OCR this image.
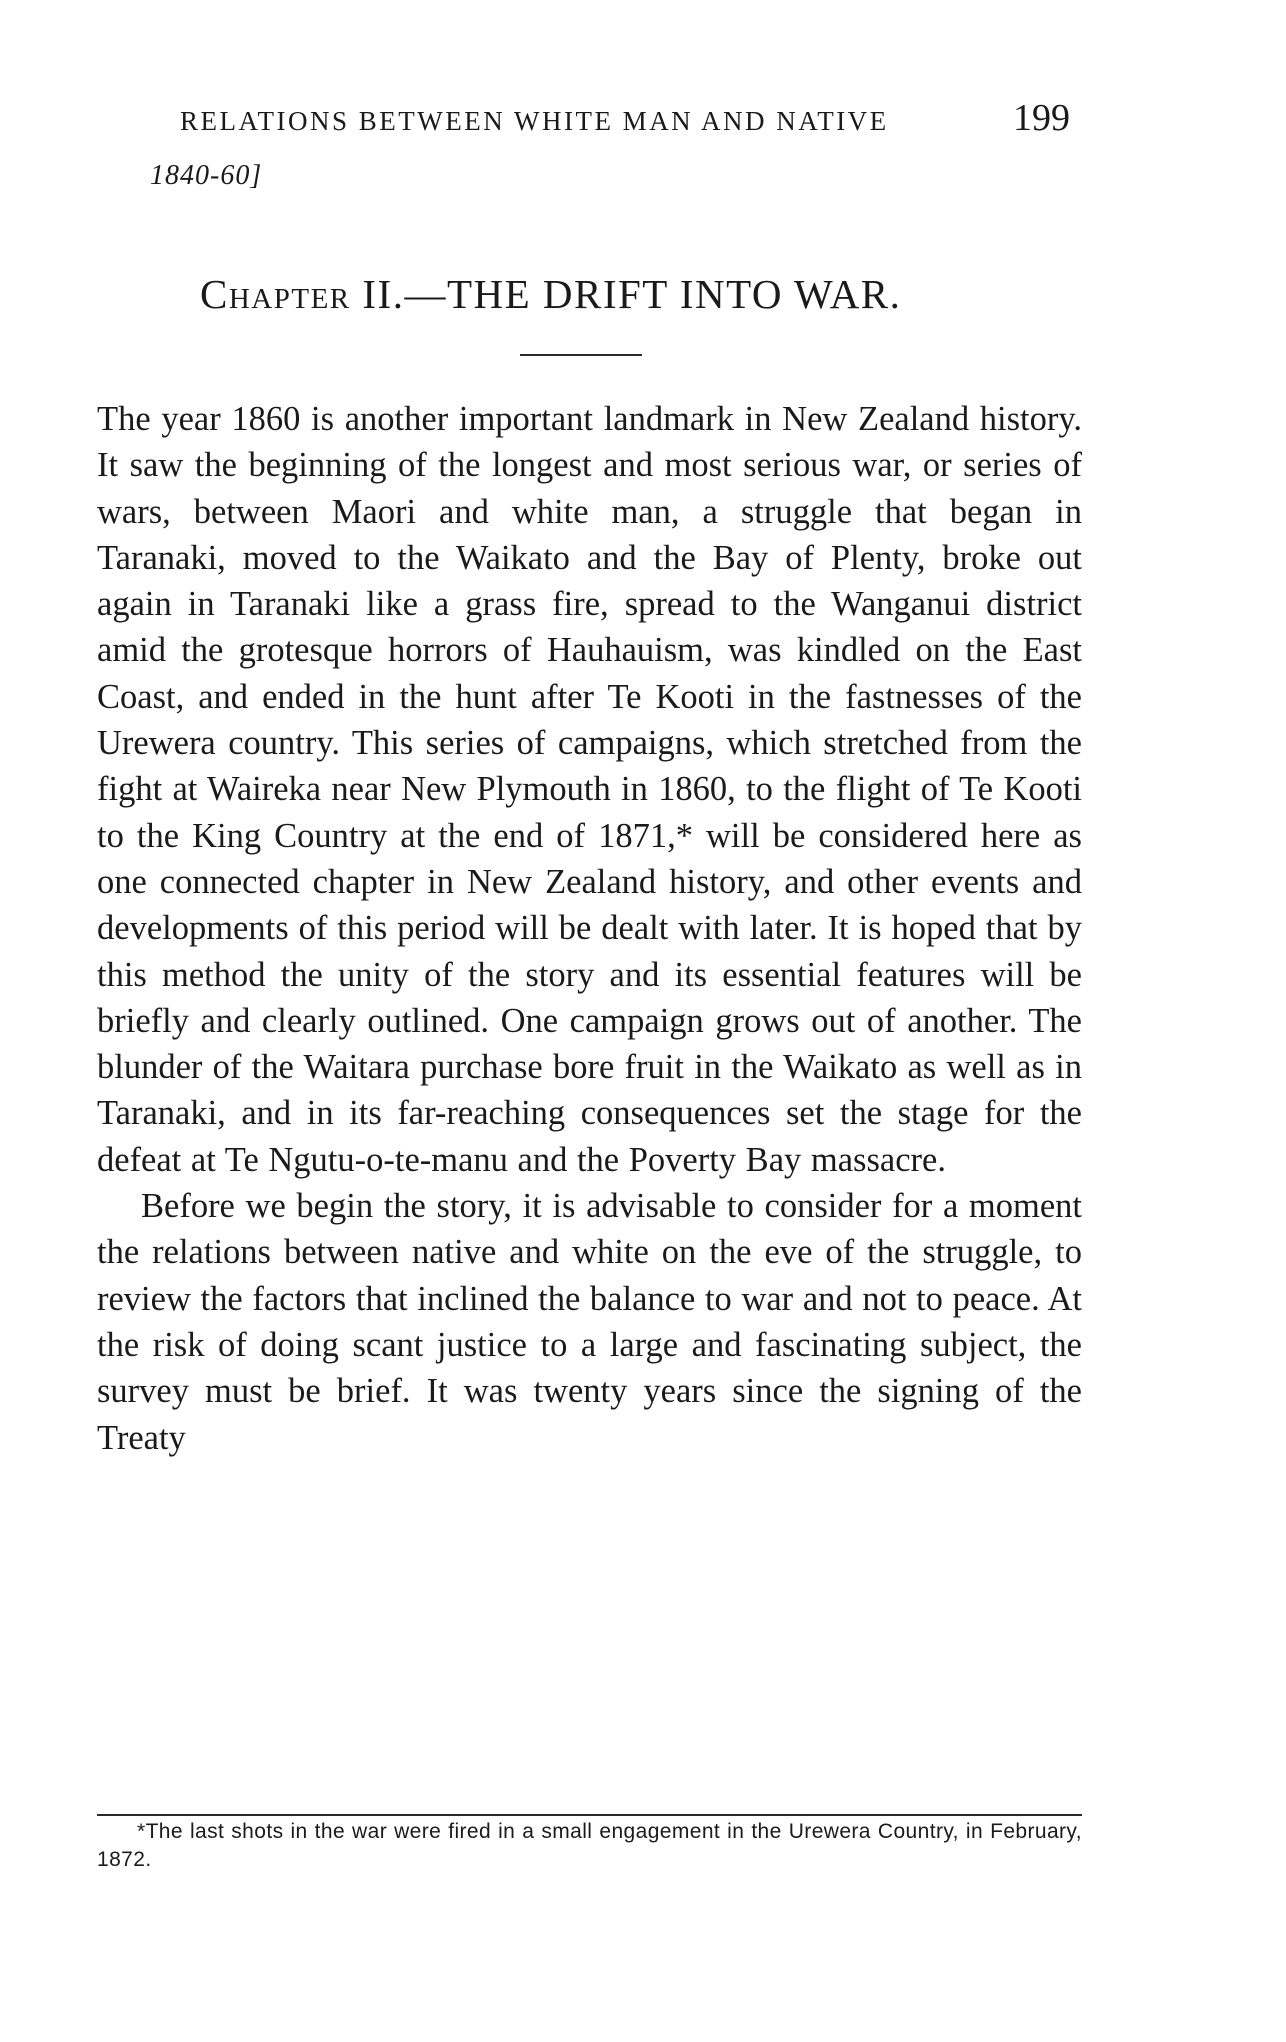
RELATIONS BETWEEN WHITE MAN AND NATIVE	199
1840-60]
Chapter II.—THE DRIFT INTO WAR.

The year 1860 is another important landmark in New Zealand history. It saw the beginning of the longest and most serious war, or series of wars, between Maori and white man, a struggle that began in Taranaki, moved to the Waikato and the Bay of Plenty, broke out again in Taranaki like a grass fire, spread to the Wanganui district amid the grotesque horrors of Hauhauism, was kindled on the East Coast, and ended in the hunt after Te Kooti in the fastnesses of the Urewera country. This series of campaigns, which stretched from the fight at Waireka near New Plymouth in 1860, to the flight of Te Kooti to the King Country at the end of 1871,* will be considered here as one connected chapter in New Zealand history, and other events and developments of this period will be dealt with later. It is hoped that by this method the unity of the story and its essential features will be briefly and clearly outlined. One campaign grows out of another. The blunder of the Waitara purchase bore fruit in the Waikato as well as in Taranaki, and in its far-reaching consequences set the stage for the defeat at Te Ngutu-o-te-manu and the Poverty Bay massacre.

Before we begin the story, it is advisable to consider for a moment the relations between native and white on the eve of the struggle, to review the factors that inclined the balance to war and not to peace. At the risk of doing scant justice to a large and fascinating subject, the survey must be brief. It was twenty years since the signing of the Treaty

*The last shots in the war were fired in a small engagement in the Urewera Country, in February, 1872.
